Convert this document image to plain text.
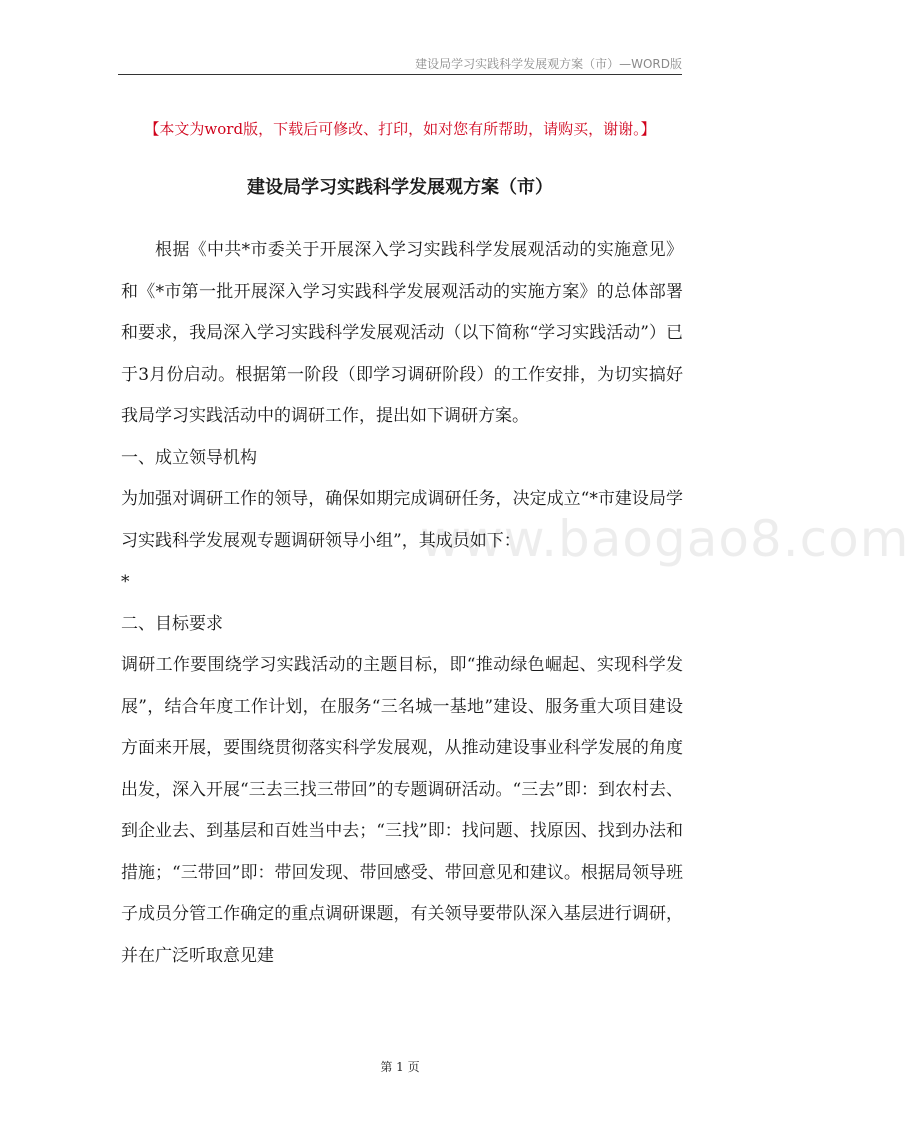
建设局学习实践科学发展观方案（市）—WORD版
【本文为word版，下载后可修改、打印，如对您有所帮助，请购买，谢谢。】
建设局学习实践科学发展观方案（市）

根据《中共*市委关于开展深入学习实践科学发展观活动的实施意见》和《*市第一批开展深入学习实践科学发展观活动的实施方案》的总体部署和要求，我局深入学习实践科学发展观活动（以下简称“学习实践活动”）已于3月份启动。根据第一阶段（即学习调研阶段）的工作安排，为切实搞好我局学习实践活动中的调研工作，提出如下调研方案。

一、成立领导机构

为加强对调研工作的领导，确保如期完成调研任务，决定成立“*市建设局学习实践科学发展观专题调研领导小组”，其成员如下：

*

二、目标要求

调研工作要围绕学习实践活动的主题目标，即“推动绿色崛起、实现科学发展”，结合年度工作计划，在服务“三名城一基地”建设、服务重大项目建设方面来开展，要围绕贯彻落实科学发展观，从推动建设事业科学发展的角度出发，深入开展“三去三找三带回”的专题调研活动。“三去”即：到农村去、到企业去、到基层和百姓当中去；“三找”即：找问题、找原因、找到办法和措施；“三带回”即：带回发现、带回感受、带回意见和建议。根据局领导班子成员分管工作确定的重点调研课题，有关领导要带队深入基层进行调研，并在广泛听取意见建

www.baogao8.com
第 1 页
